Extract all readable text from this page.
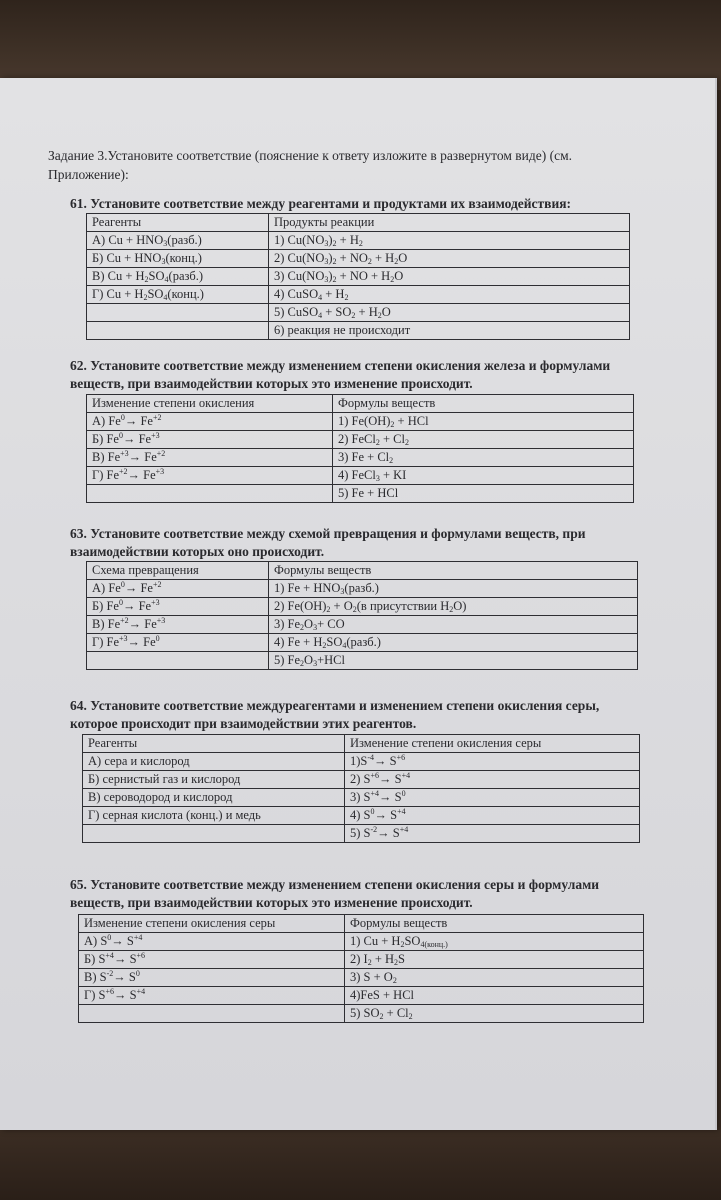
Задание 3.Установите соответствие (пояснение к ответу изложите в развернутом виде) (см. Приложение):
61. Установите соответствие между реагентами и продуктами их взаимодействия:
Реагенты	Продукты реакции
А) $Cu + HNO_3(разб.)$	1) $Cu(NO_3)_2 + H_2$
Б) $Cu + HNO_3(конц.)$	2) $Cu(NO_3)_2 + NO_2 + H_2O$
В) $Cu + H_2SO_4(разб.)$	3) $Cu(NO_3)_2$ + NO + $H_2O$
Г) $Cu + H_2SO_4(конц.)$	4) CuSO$_4$ + $H_2$
	5) CuSO$_4$ + $SO_2 + H_2O$
	6) реакция не происходит
62. Установите соответствие между изменением степени окисления железа и формулами веществ, при взаимодействии которых это изменение происходит.
Изменение степени окисления	Формулы веществ
А) $Fe^0\to Fe^{+2}$	1) $Fe(OH)_2$ + HCl
Б) $Fe^0\to Fe^{+3}$	2) FeCl$_2$ + $Cl_2$
В) $Fe^{+3}\to Fe^{+2}$	3) $Fe + Cl_2$
Г) $Fe^{+2}\to Fe^{+3}$	4) FeCl$_3$ + KI
	5) Fe + HCl
63. Установите соответствие между схемой превращения и формулами веществ, при взаимодействии которых оно происходит.
Схема превращения	Формулы веществ
А) $Fe^0\to Fe^{+2}$	1) $Fe + HNO_3(разб.)$
Б) $Fe^0\to Fe^{+3}$	2) $Fe(OH)_2 + O_2(в$ присутствии $H_2O$)
В) $Fe^{+2}\to Fe^{+3}$	3) $Fe_2O_3+$ CO
Г) $Fe^{+3}\to Fe^0$	4) $Fe + H_2SO_4(разб.)$
	5) $Fe_2O_3+HCl$
64. Установите соответствие междуреагентами и изменением степени окисления серы, которое происходит при взаимодействии этих реагентов.
Реагенты	Изменение степени окисления серы
А) сера и кислород	$1)S^{-4}\to S^{+6}$
Б) сернистый газ и кислород	2) $S^{+6}\to S^{+4}$
В) сероводород и кислород	3) $S^{+4}\to S^0$
Г) серная кислота (конц.) и медь	4) $S^0\to S^{+4}$
	5) $S^{-2}\to S^{+4}$
65. Установите соответствие между изменением степени окисления серы и формулами веществ, при взаимодействии которых это изменение происходит.
Изменение степени окисления серы	Формулы веществ
А) $S^0\to S^{+4}$	1) $Cu + H_2SO_{4(конц.)}$
Б) $S^{+4}\to S^{+6}$	2) $I_2 + H_2S$
В) $S^{-2}\to S^0$	3) $S + O_2$
Г) $S^{+6}\to S^{+4}$	4)FeS + HCl
	5) $SO_2 + Cl_2$
